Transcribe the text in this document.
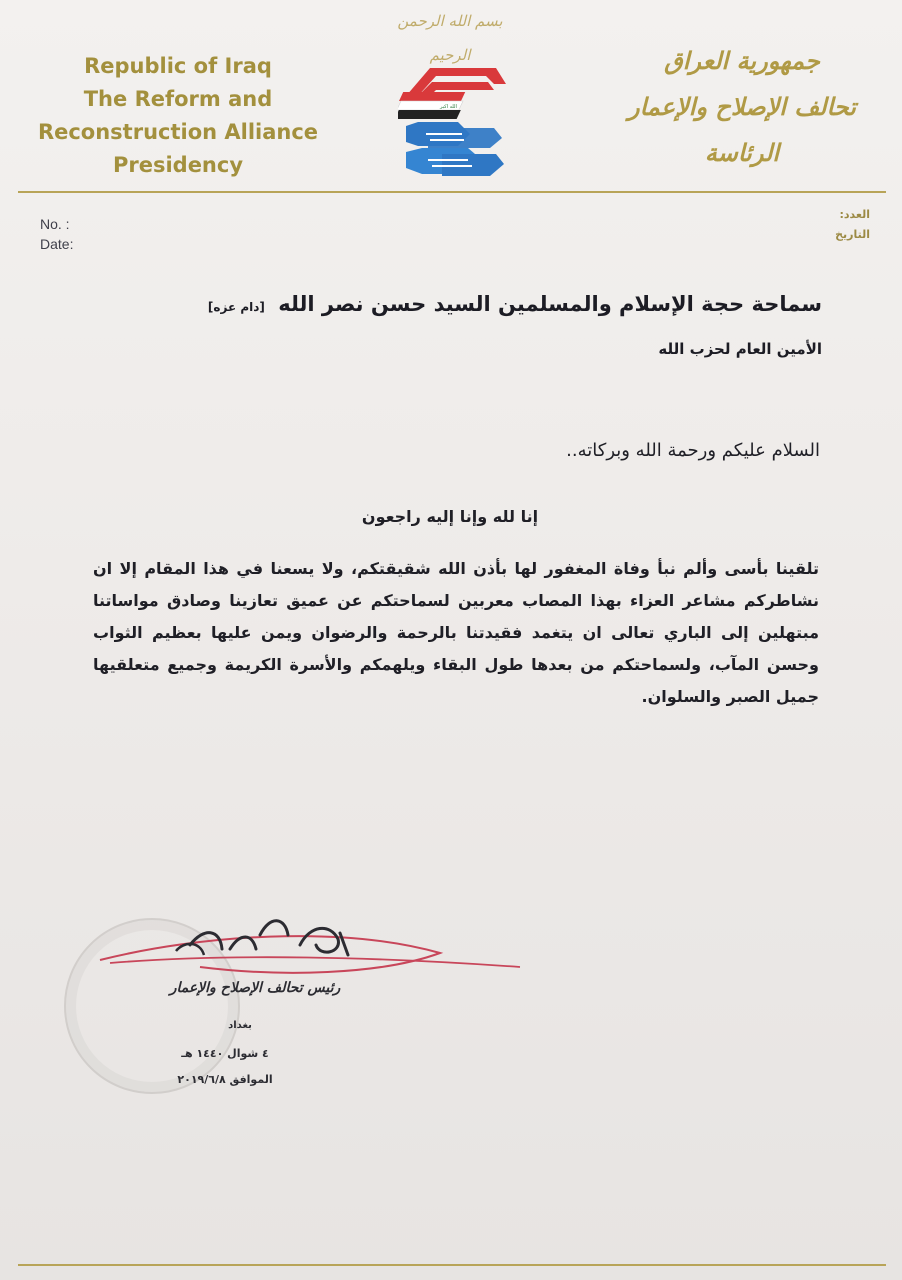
بسم الله الرحمن الرحيم
Republic of Iraq
The Reform and
Reconstruction Alliance
Presidency
الله اكبر
جمهورية العراق
تحالف الإصلاح والإعمار
الرئاسة
No. :
Date:
العدد:
التاريخ
سماحة حجة الإسلام والمسلمين السيد حسن نصر الله [دام عزه]
الأمين العام لحزب الله
السلام عليكم ورحمة الله وبركاته..
إنا لله وإنا إليه راجعون
تلقينا بأسى وألم نبأ وفاة المغفور لها بأذن الله شقيقتكم، ولا يسعنا في هذا المقام إلا ان نشاطركم مشاعر العزاء بهذا المصاب معربين لسماحتكم عن عميق تعازينا وصادق مواساتنا مبتهلين إلى الباري تعالى ان يتغمد فقيدتنا بالرحمة والرضوان ويمن عليها بعظيم الثواب وحسن المآب، ولسماحتكم من بعدها طول البقاء ويلهمكم والأسرة الكريمة وجميع متعلقيها جميل الصبر والسلوان.
رئيس تحالف الإصلاح والإعمار
بغداد
٤ شوال ١٤٤٠ هـ
الموافق ٢٠١٩/٦/٨
